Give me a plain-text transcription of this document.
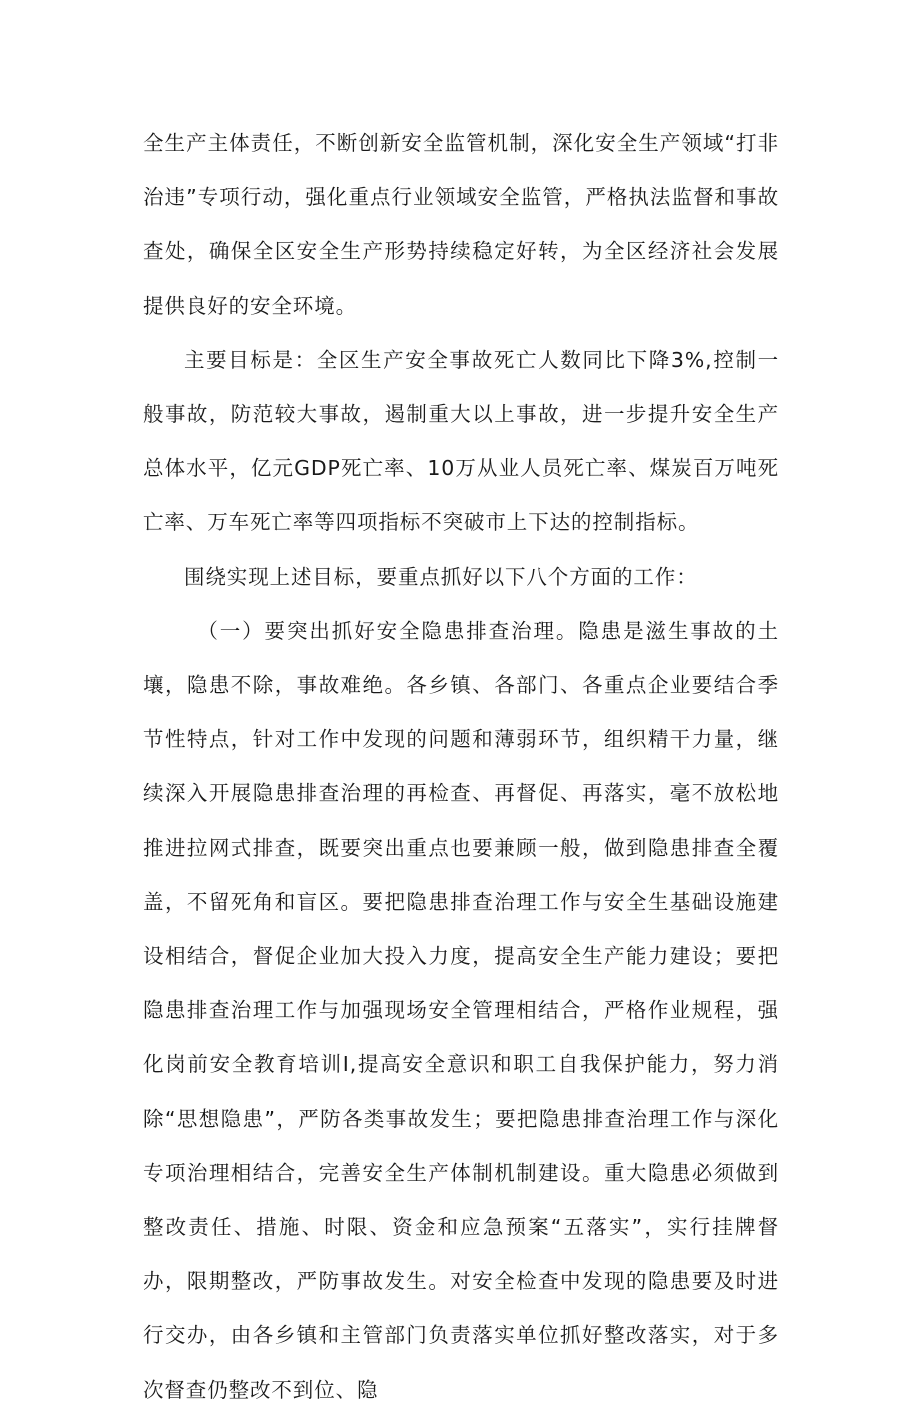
全生产主体责任，不断创新安全监管机制，深化安全生产领域“打非治违”专项行动，强化重点行业领域安全监管，严格执法监督和事故查处，确保全区安全生产形势持续稳定好转，为全区经济社会发展提供良好的安全环境。

主要目标是：全区生产安全事故死亡人数同比下降3%,控制一般事故，防范较大事故，遏制重大以上事故，进一步提升安全生产总体水平，亿元GDP死亡率、10万从业人员死亡率、煤炭百万吨死亡率、万车死亡率等四项指标不突破市上下达的控制指标。

围绕实现上述目标，要重点抓好以下八个方面的工作：

（一）要突出抓好安全隐患排查治理。隐患是滋生事故的土壤，隐患不除，事故难绝。各乡镇、各部门、各重点企业要结合季节性特点，针对工作中发现的问题和薄弱环节，组织精干力量，继续深入开展隐患排查治理的再检查、再督促、再落实，毫不放松地推进拉网式排查，既要突出重点也要兼顾一般，做到隐患排查全覆盖，不留死角和盲区。要把隐患排查治理工作与安全生基础设施建设相结合，督促企业加大投入力度，提高安全生产能力建设；要把隐患排查治理工作与加强现场安全管理相结合，严格作业规程，强化岗前安全教育培训I,提高安全意识和职工自我保护能力，努力消除“思想隐患”，严防各类事故发生；要把隐患排查治理工作与深化专项治理相结合，完善安全生产体制机制建设。重大隐患必须做到整改责任、措施、时限、资金和应急预案“五落实”，实行挂牌督办，限期整改，严防事故发生。对安全检查中发现的隐患要及时进行交办，由各乡镇和主管部门负责落实单位抓好整改落实，对于多次督查仍整改不到位、隐
